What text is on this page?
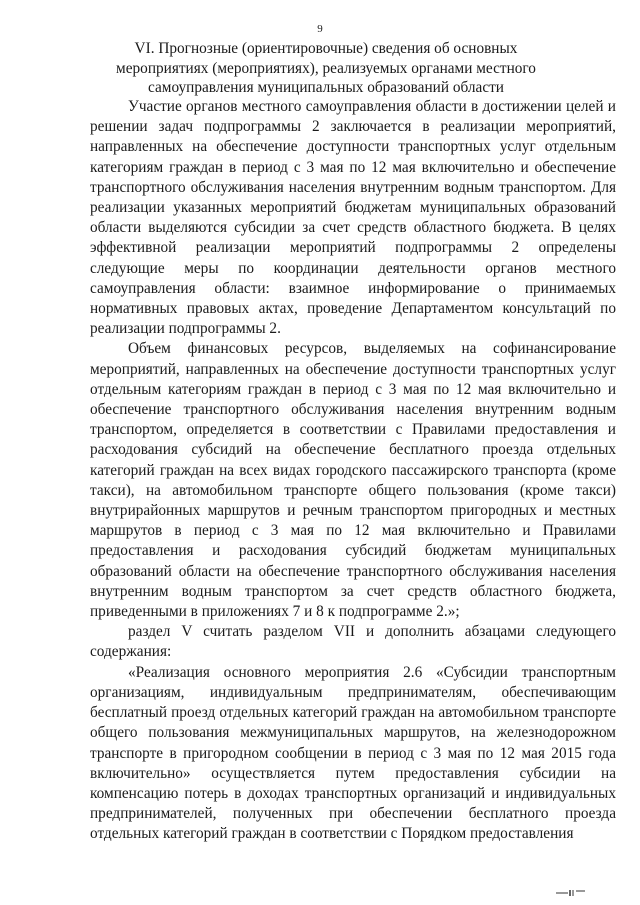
9
VI. Прогнозные (ориентировочные) сведения об основных мероприятиях (мероприятиях), реализуемых органами местного самоуправления муниципальных образований области

Участие органов местного самоуправления области в достижении целей и решении задач подпрограммы 2 заключается в реализации мероприятий, направленных на обеспечение доступности транспортных услуг отдельным категориям граждан в период с 3 мая по 12 мая включительно и обеспечение транспортного обслуживания населения внутренним водным транспортом. Для реализации указанных мероприятий бюджетам муниципальных образований области выделяются субсидии за счет средств областного бюджета. В целях эффективной реализации мероприятий подпрограммы 2 определены следующие меры по координации деятельности органов местного самоуправления области: взаимное информирование о принимаемых нормативных правовых актах, проведение Департаментом консультаций по реализации подпрограммы 2.

Объем финансовых ресурсов, выделяемых на софинансирование мероприятий, направленных на обеспечение доступности транспортных услуг отдельным категориям граждан в период с 3 мая по 12 мая включительно и обеспечение транспортного обслуживания населения внутренним водным транспортом, определяется в соответствии с Правилами предоставления и расходования субсидий на обеспечение бесплатного проезда отдельных категорий граждан на всех видах городского пассажирского транспорта (кроме такси), на автомобильном транспорте общего пользования (кроме такси) внутрирайонных маршрутов и речным транспортом пригородных и местных маршрутов в период с 3 мая по 12 мая включительно и Правилами предоставления и расходования субсидий бюджетам муниципальных образований области на обеспечение транспортного обслуживания населения внутренним водным транспортом за счет средств областного бюджета, приведенными в приложениях 7 и 8 к подпрограмме 2.»;

раздел V считать разделом VII и дополнить абзацами следующего содержания:

«Реализация основного мероприятия 2.6 «Субсидии транспортным организациям, индивидуальным предпринимателям, обеспечивающим бесплатный проезд отдельных категорий граждан на автомобильном транспорте общего пользования межмуниципальных маршрутов, на железнодорожном транспорте в пригородном сообщении в период с 3 мая по 12 мая 2015 года включительно» осуществляется путем предоставления субсидии на компенсацию потерь в доходах транспортных организаций и индивидуальных предпринимателей, полученных при обеспечении бесплатного проезда отдельных категорий граждан в соответствии с Порядком предоставления
